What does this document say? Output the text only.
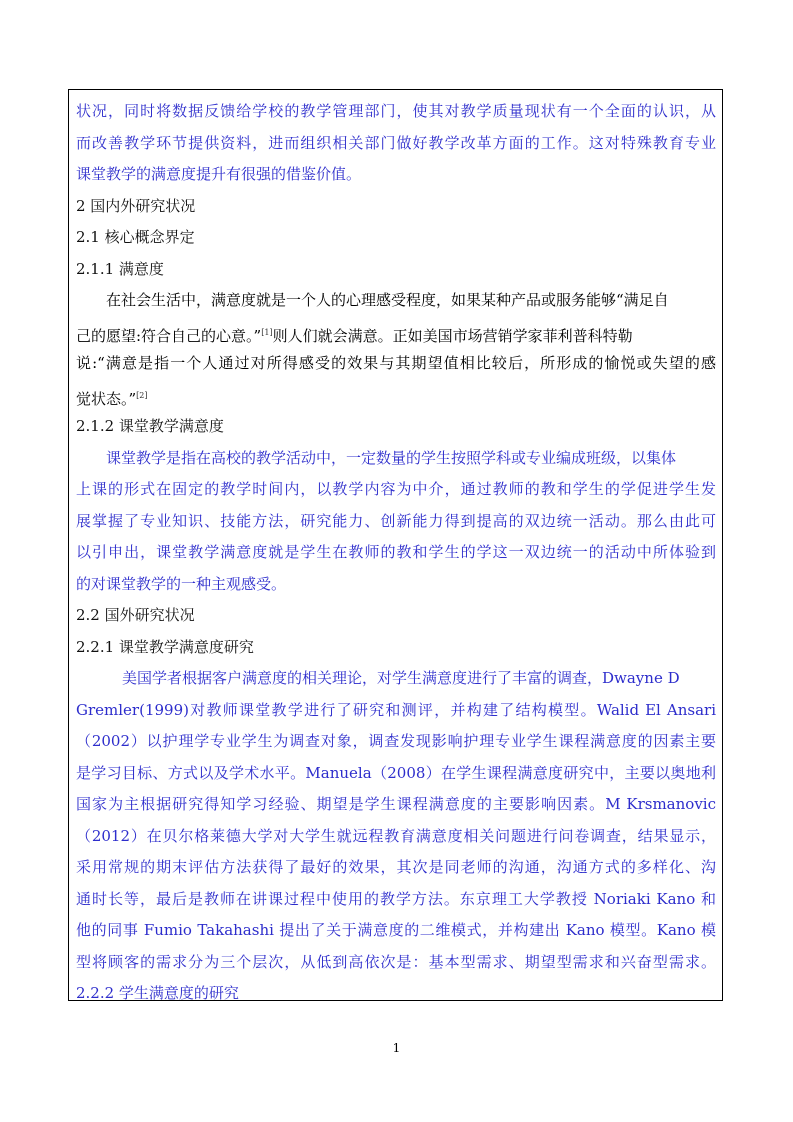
状况，同时将数据反馈给学校的教学管理部门，使其对教学质量现状有一个全面的认识，从
而改善教学环节提供资料，进而组织相关部门做好教学改革方面的工作。这对特殊教育专业
课堂教学的满意度提升有很强的借鉴价值。
2 国内外研究状况
2.1 核心概念界定
2.1.1 满意度
在社会生活中，满意度就是一个人的心理感受程度，如果某种产品或服务能够“满足自
己的愿望:符合自己的心意。”[1]则人们就会满意。正如美国市场营销学家菲利普科特勒
说:“满意是指一个人通过对所得感受的效果与其期望值相比较后，所形成的愉悦或失望的感
觉状态。”[2]
2.1.2 课堂教学满意度
课堂教学是指在高校的教学活动中，一定数量的学生按照学科或专业编成班级，以集体
上课的形式在固定的教学时间内，以教学内容为中介，通过教师的教和学生的学促进学生发
展掌握了专业知识、技能方法，研究能力、创新能力得到提高的双边统一活动。那么由此可
以引申出，课堂教学满意度就是学生在教师的教和学生的学这一双边统一的活动中所体验到
的对课堂教学的一种主观感受。
2.2 国外研究状况
2.2.1 课堂教学满意度研究
美国学者根据客户满意度的相关理论，对学生满意度进行了丰富的调查，Dwayne D
Gremler(1999)对教师课堂教学进行了研究和测评，并构建了结构模型。Walid El Ansari
（2002）以护理学专业学生为调查对象，调查发现影响护理专业学生课程满意度的因素主要
是学习目标、方式以及学术水平。Manuela（2008）在学生课程满意度研究中，主要以奥地利
国家为主根据研究得知学习经验、期望是学生课程满意度的主要影响因素。M Krsmanovic
（2012）在贝尔格莱德大学对大学生就远程教育满意度相关问题进行问卷调查，结果显示，
采用常规的期末评估方法获得了最好的效果，其次是同老师的沟通，沟通方式的多样化、沟
通时长等，最后是教师在讲课过程中使用的教学方法。东京理工大学教授 Noriaki Kano 和
他的同事 Fumio Takahashi 提出了关于满意度的二维模式，并构建出 Kano 模型。Kano 模
型将顾客的需求分为三个层次，从低到高依次是：基本型需求、期望型需求和兴奋型需求。
2.2.2 学生满意度的研究
1
